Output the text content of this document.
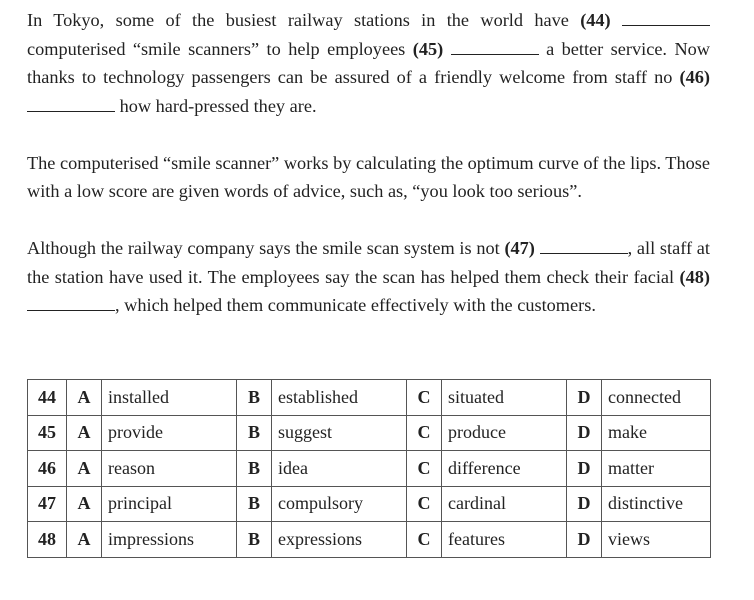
In Tokyo, some of the busiest railway stations in the world have (44)  computerised “smile scanners” to help employees (45)	a better service. Now thanks to technology passengers can be assured of a friendly welcome from staff no (46)  how hard-pressed they are.

The computerised “smile scanner” works by calculating the optimum curve of the lips. Those with a low score are given words of advice, such as, “you look too serious”.

Although the railway company says the smile scan system is not (47)	, all staff at the station have used it. The employees say the scan has helped them check their facial (48) , which helped them communicate effectively with the customers.

44	A	installed	B	established	C	situated	D	connected
45	A	provide	B	suggest	C	produce	D	make
46	A	reason	B	idea	C	difference	D	matter
47	A	principal	B	compulsory	C	cardinal	D	distinctive
48	A	impressions	B	expressions	C	features	D	views
